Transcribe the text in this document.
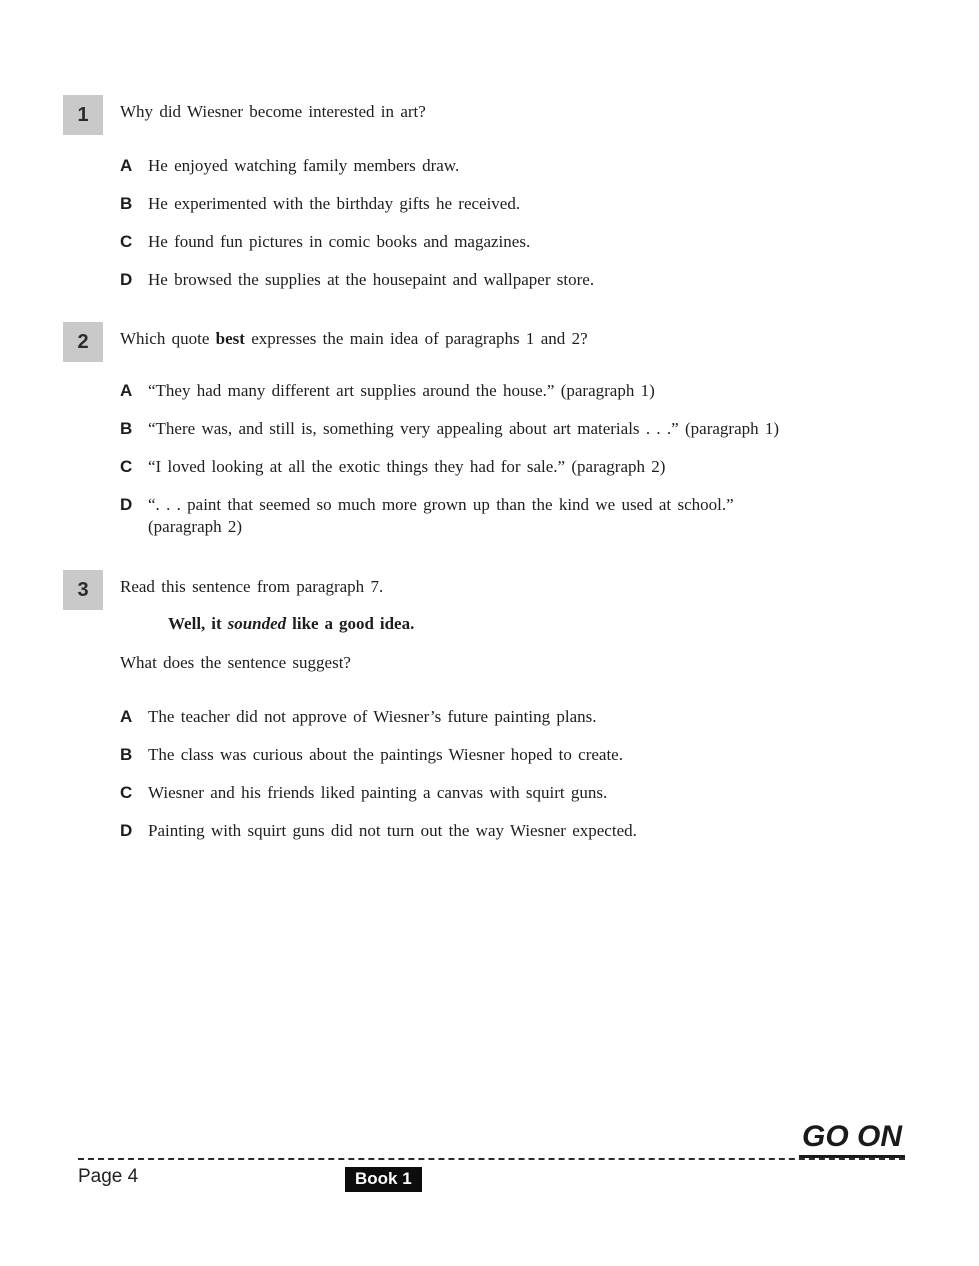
1	Why did Wiesner become interested in art?
A He enjoyed watching family members draw.
B He experimented with the birthday gifts he received.
C He found fun pictures in comic books and magazines.
D He browsed the supplies at the housepaint and wallpaper store.
2	Which quote best expresses the main idea of paragraphs 1 and 2?
A “They had many different art supplies around the house.” (paragraph 1)
B “There was, and still is, something very appealing about art materials . . .” (paragraph 1)
C “I loved looking at all the exotic things they had for sale.” (paragraph 2)
D “. . . paint that seemed so much more grown up than the kind we used at school.”
(paragraph 2)
3	Read this sentence from paragraph 7.
Well, it sounded like a good idea.
What does the sentence suggest?
A The teacher did not approve of Wiesner’s future painting plans.
B The class was curious about the paintings Wiesner hoped to create.
C Wiesner and his friends liked painting a canvas with squirt guns.
D Painting with squirt guns did not turn out the way Wiesner expected.
GO ON
Page 4	Book 1
